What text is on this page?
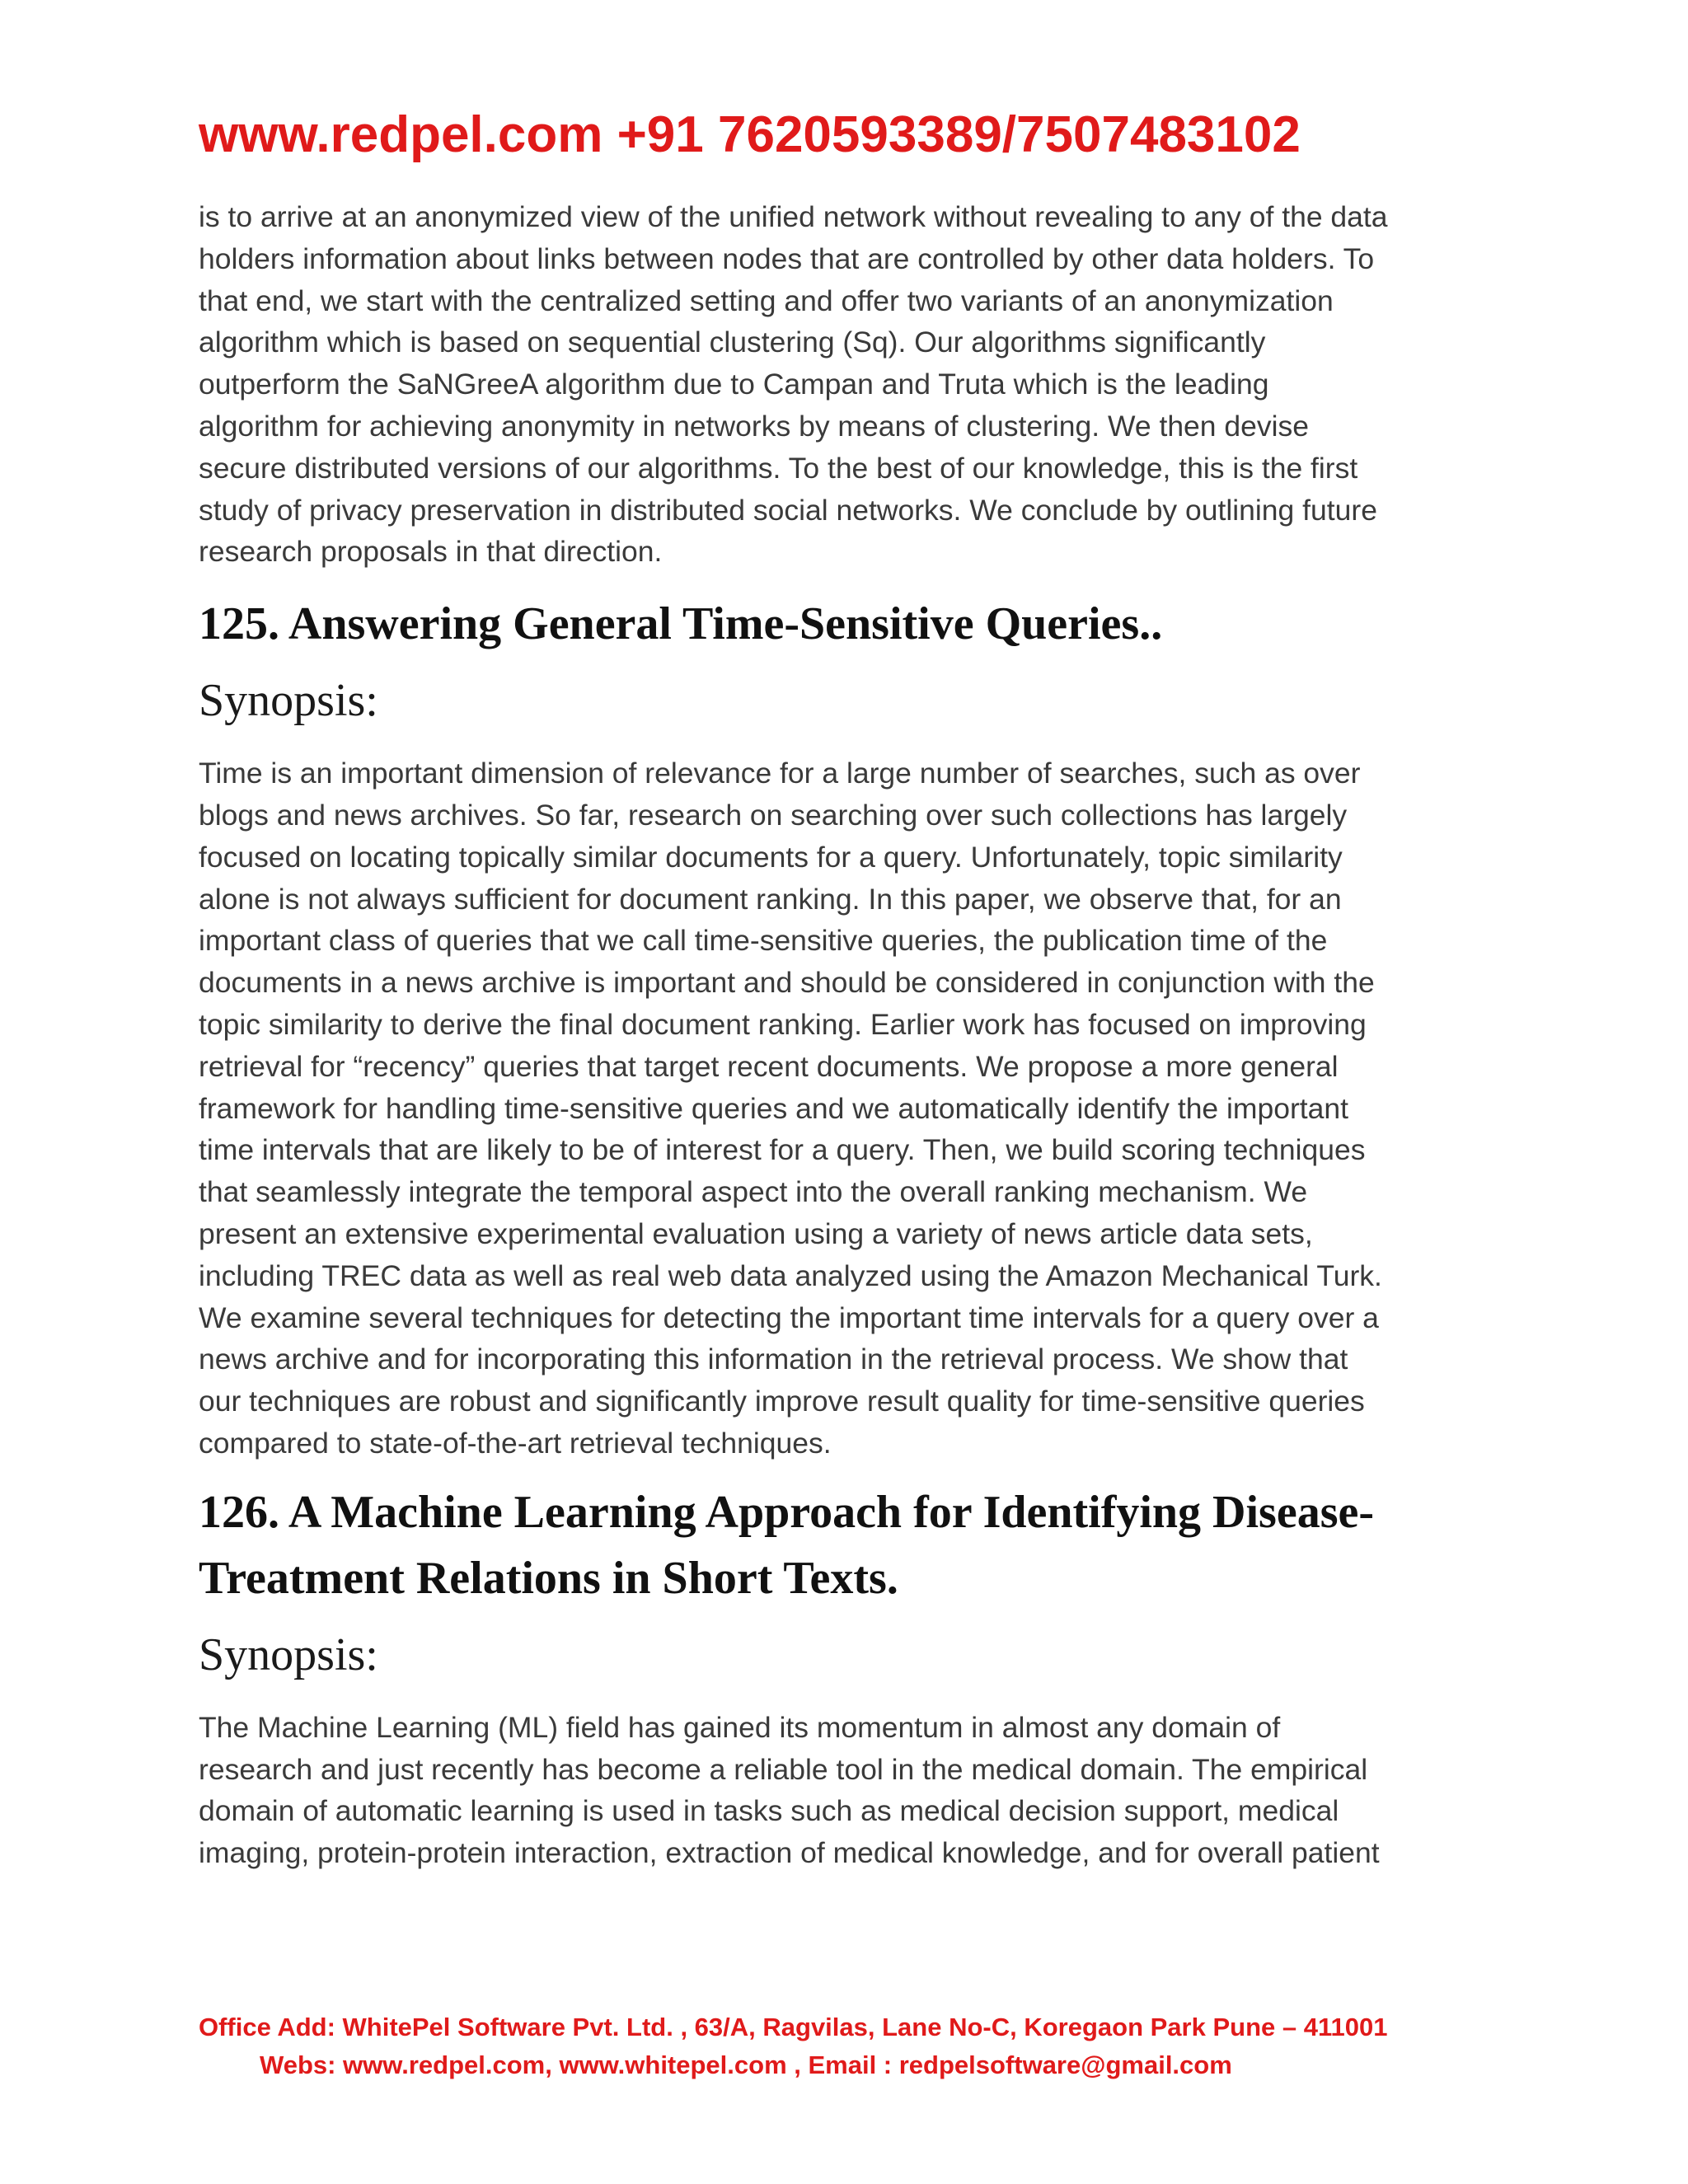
www.redpel.com +91 7620593389/7507483102
is to arrive at an anonymized view of the unified network without revealing to any of the data
holders information about links between nodes that are controlled by other data holders. To
that end, we start with the centralized setting and offer two variants of an anonymization
algorithm which is based on sequential clustering (Sq). Our algorithms significantly
outperform the SaNGreeA algorithm due to Campan and Truta which is the leading
algorithm for achieving anonymity in networks by means of clustering. We then devise
secure distributed versions of our algorithms. To the best of our knowledge, this is the first
study of privacy preservation in distributed social networks. We conclude by outlining future
research proposals in that direction.
125. Answering General Time-Sensitive Queries..
Synopsis:
Time is an important dimension of relevance for a large number of searches, such as over
blogs and news archives. So far, research on searching over such collections has largely
focused on locating topically similar documents for a query. Unfortunately, topic similarity
alone is not always sufficient for document ranking. In this paper, we observe that, for an
important class of queries that we call time-sensitive queries, the publication time of the
documents in a news archive is important and should be considered in conjunction with the
topic similarity to derive the final document ranking. Earlier work has focused on improving
retrieval for “recency” queries that target recent documents. We propose a more general
framework for handling time-sensitive queries and we automatically identify the important
time intervals that are likely to be of interest for a query. Then, we build scoring techniques
that seamlessly integrate the temporal aspect into the overall ranking mechanism. We
present an extensive experimental evaluation using a variety of news article data sets,
including TREC data as well as real web data analyzed using the Amazon Mechanical Turk.
We examine several techniques for detecting the important time intervals for a query over a
news archive and for incorporating this information in the retrieval process. We show that
our techniques are robust and significantly improve result quality for time-sensitive queries
compared to state-of-the-art retrieval techniques.
126. A Machine Learning Approach for Identifying Disease-
Treatment Relations in Short Texts.
Synopsis:
The Machine Learning (ML) field has gained its momentum in almost any domain of
research and just recently has become a reliable tool in the medical domain. The empirical
domain of automatic learning is used in tasks such as medical decision support, medical
imaging, protein-protein interaction, extraction of medical knowledge, and for overall patient
Office Add: WhitePel Software Pvt. Ltd. , 63/A, Ragvilas, Lane No-C, Koregaon Park Pune – 411001
Webs: www.redpel.com, www.whitepel.com , Email : redpelsoftware@gmail.com
